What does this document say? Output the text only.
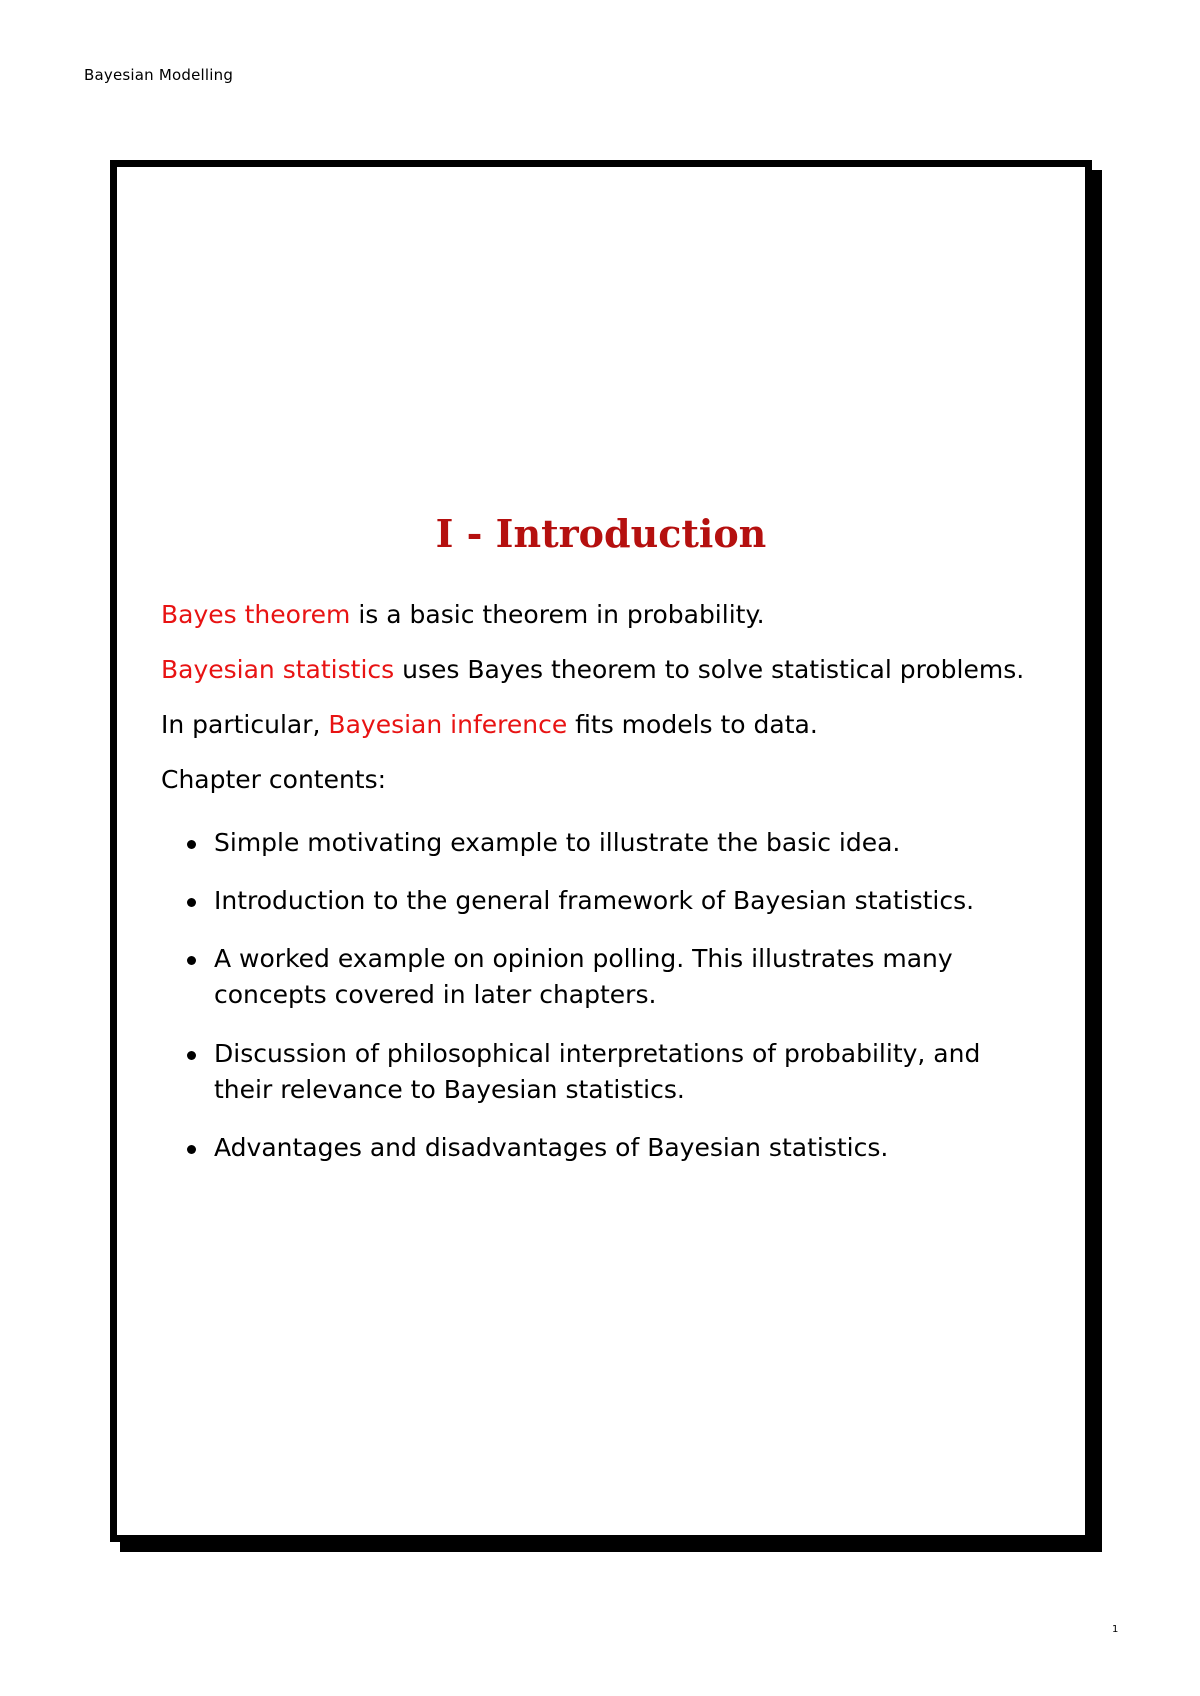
Bayesian Modelling
I - Introduction

Bayes theorem is a basic theorem in probability.

Bayesian statistics uses Bayes theorem to solve statistical problems.

In particular, Bayesian inference fits models to data.

Chapter contents:

Simple motivating example to illustrate the basic idea.
Introduction to the general framework of Bayesian statistics.
A worked example on opinion polling. This illustrates many concepts covered in later chapters.
Discussion of philosophical interpretations of probability, and their relevance to Bayesian statistics.
Advantages and disadvantages of Bayesian statistics.
1
